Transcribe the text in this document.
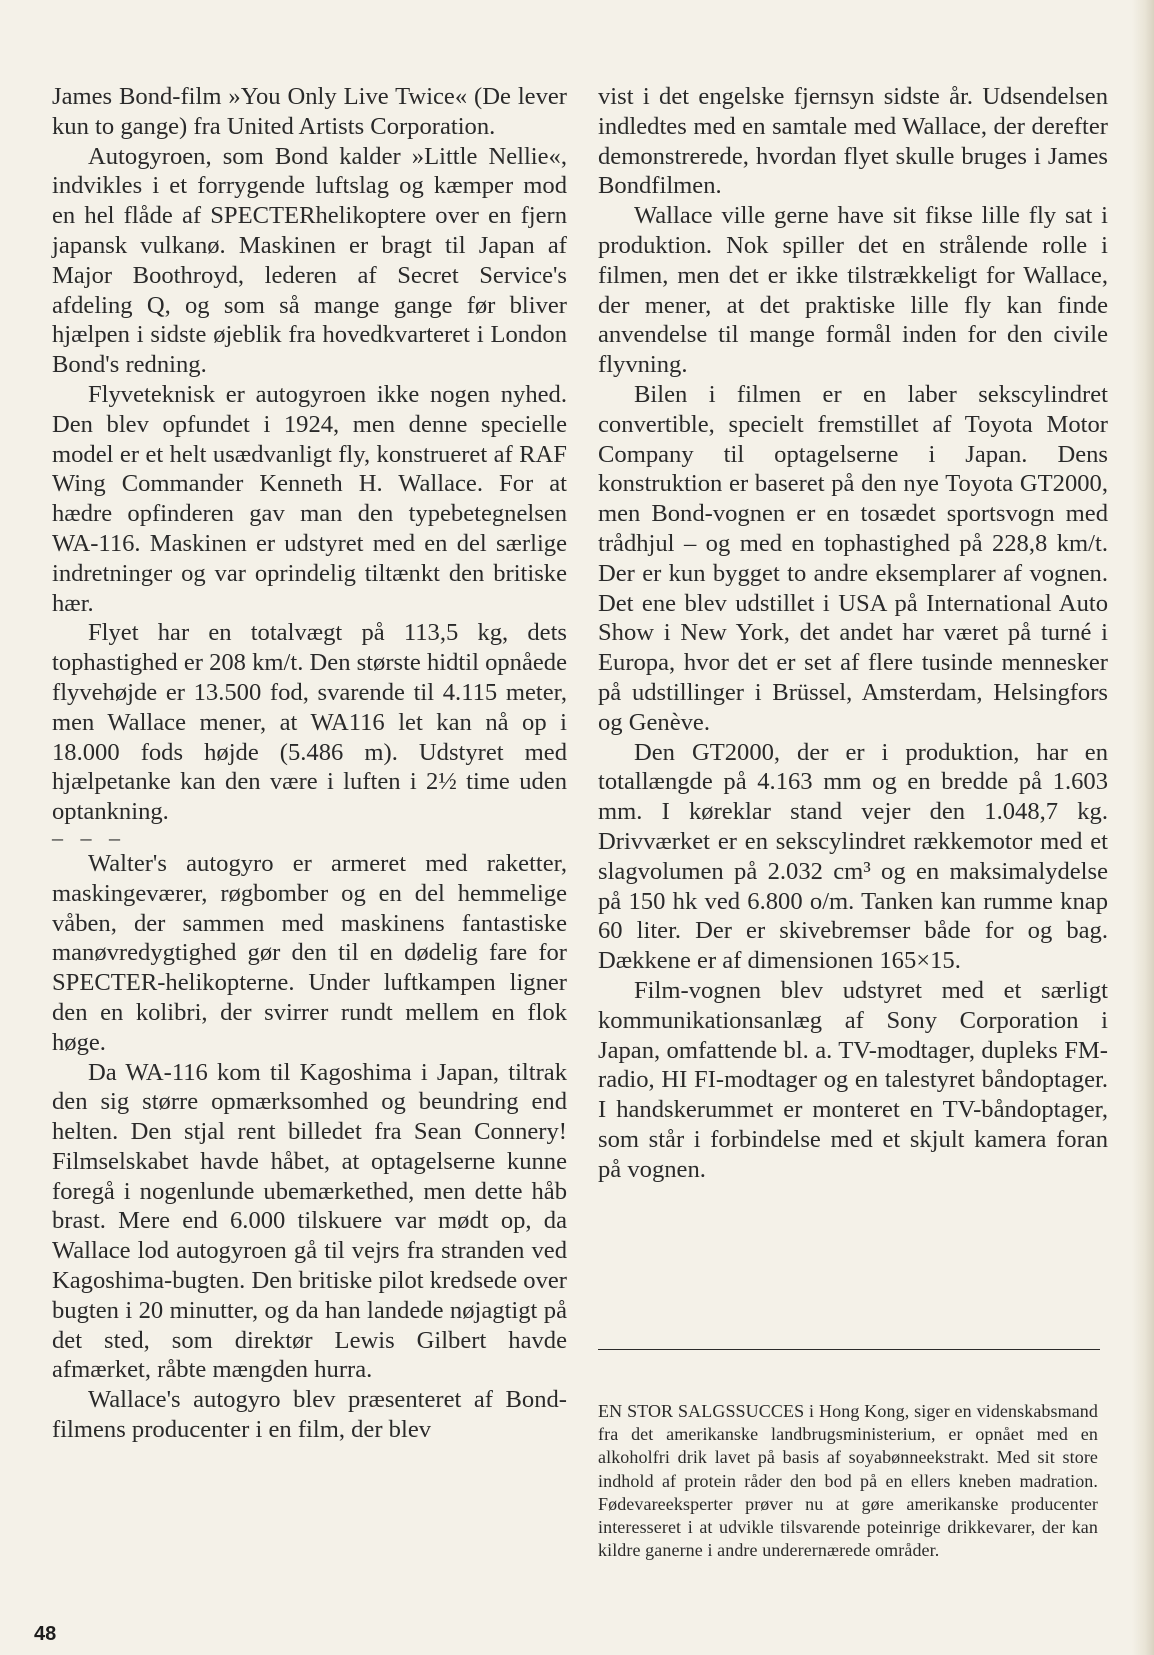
James Bond-film »You Only Live Twice« (De lever kun to gange) fra United Artists Corporation.

Autogyroen, som Bond kalder »Little Nellie«, indvikles i et forrygende luftslag og kæmper mod en hel flåde af SPECTERhelikoptere over en fjern japansk vulkanø. Maskinen er bragt til Japan af Major Boothroyd, lederen af Secret Service's afdeling Q, og som så mange gange før bliver hjælpen i sidste øjeblik fra hovedkvarteret i London Bond's redning.

Flyveteknisk er autogyroen ikke nogen nyhed. Den blev opfundet i 1924, men denne specielle model er et helt usædvanligt fly, konstrueret af RAF Wing Commander Kenneth H. Wallace. For at hædre opfinderen gav man den typebetegnelsen WA-116. Maskinen er udstyret med en del særlige indretninger og var oprindelig tiltænkt den britiske hær.

Flyet har en totalvægt på 113,5 kg, dets tophastighed er 208 km/t. Den største hidtil opnåede flyvehøjde er 13.500 fod, svarende til 4.115 meter, men Wallace mener, at WA116 let kan nå op i 18.000 fods højde (5.486 m). Udstyret med hjælpetanke kan den være i luften i 2½ time uden optankning.

– – –

Walter's autogyro er armeret med raketter, maskingeværer, røgbomber og en del hemmelige våben, der sammen med maskinens fantastiske manøvredygtighed gør den til en dødelig fare for SPECTER-helikopterne. Under luftkampen ligner den en kolibri, der svirrer rundt mellem en flok høge.

Da WA-116 kom til Kagoshima i Japan, tiltrak den sig større opmærksomhed og beundring end helten. Den stjal rent billedet fra Sean Connery! Filmselskabet havde håbet, at optagelserne kunne foregå i nogenlunde ubemærkethed, men dette håb brast. Mere end 6.000 tilskuere var mødt op, da Wallace lod autogyroen gå til vejrs fra stranden ved Kagoshima-bugten. Den britiske pilot kredsede over bugten i 20 minutter, og da han landede nøjagtigt på det sted, som direktør Lewis Gilbert havde afmærket, råbte mængden hurra.

Wallace's autogyro blev præsenteret af Bond-filmens producenter i en film, der blev

vist i det engelske fjernsyn sidste år. Udsendelsen indledtes med en samtale med Wallace, der derefter demonstrerede, hvordan flyet skulle bruges i James Bondfilmen.

Wallace ville gerne have sit fikse lille fly sat i produktion. Nok spiller det en strålende rolle i filmen, men det er ikke tilstrækkeligt for Wallace, der mener, at det praktiske lille fly kan finde anvendelse til mange formål inden for den civile flyvning.

Bilen i filmen er en laber sekscylindret convertible, specielt fremstillet af Toyota Motor Company til optagelserne i Japan. Dens konstruktion er baseret på den nye Toyota GT2000, men Bond-vognen er en tosædet sportsvogn med trådhjul – og med en tophastighed på 228,8 km/t. Der er kun bygget to andre eksemplarer af vognen. Det ene blev udstillet i USA på International Auto Show i New York, det andet har været på turné i Europa, hvor det er set af flere tusinde mennesker på udstillinger i Brüssel, Amsterdam, Helsingfors og Genève.

Den GT2000, der er i produktion, har en totallængde på 4.163 mm og en bredde på 1.603 mm. I køreklar stand vejer den 1.048,7 kg. Drivværket er en sekscylindret rækkemotor med et slagvolumen på 2.032 cm³ og en maksimalydelse på 150 hk ved 6.800 o/m. Tanken kan rumme knap 60 liter. Der er skivebremser både for og bag. Dækkene er af dimensionen 165×15.

Film-vognen blev udstyret med et særligt kommunikationsanlæg af Sony Corporation i Japan, omfattende bl. a. TV-modtager, dupleks FM-radio, HI FI-modtager og en talestyret båndoptager. I handskerummet er monteret en TV-båndoptager, som står i forbindelse med et skjult kamera foran på vognen.

EN STOR SALGSSUCCES i Hong Kong, siger en videnskabsmand fra det amerikanske landbrugsministerium, er opnået med en alkoholfri drik lavet på basis af soyabønneekstrakt. Med sit store indhold af protein råder den bod på en ellers kneben madration. Fødevareeksperter prøver nu at gøre amerikanske producenter interesseret i at udvikle tilsvarende poteinrige drikkevarer, der kan kildre ganerne i andre underernærede områder.

48
